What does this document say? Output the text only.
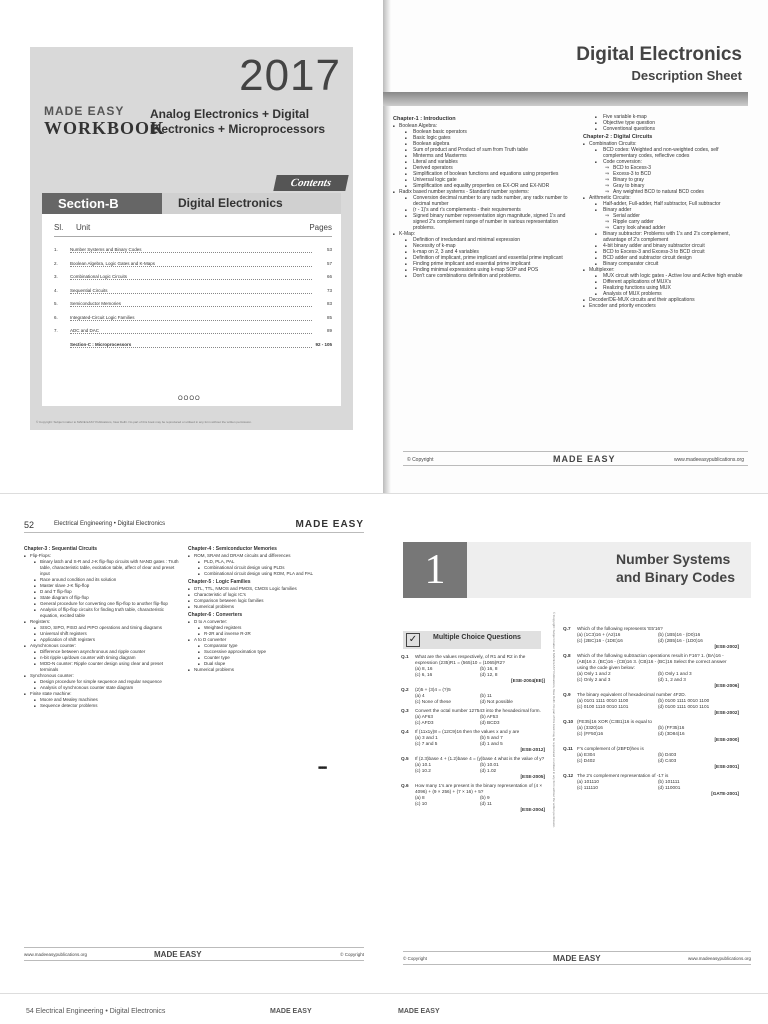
2017
MADE EASY
WORKBOOK
Analog Electronics + Digital Electronics + Microprocessors
Contents
Section-B	Digital Electronics
Sl. Unit	Pages
1.	Number Systems and Binary Codes	53
2.	Boolean Algebra, Logic Gates and K-Maps	57
3.	Combinational Logic Circuits	66
4.	Sequential Circuits	73
5.	Semiconductor Memories	83
6.	Integrated-Circuit Logic Families	85
7.	ADC and DAC	89
Section-C : Microprocessors	92 - 105
OOOO
© Copyright: Subject matter to MADE EASY Publications, New Delhi. No part of this book may be reproduced or utilised in any form without the written permission.
Digital Electronics
Description Sheet
Chapter-1 : Introduction
■ Boolean Algebra:
■ Boolean basic operators
■ Basic logic gates
■ Boolean algebra
■ Sum of product and Product of sum from Truth table
■ Minterms and Maxterms
■ Literal and variables
■ Derived operators
■ Simplification of boolean functions and equations using properties
■ Universal logic gate
■ Simplification and equality properties on EX-OR and EX-NOR
■ Radix based number systems - Standard number systems:
■ Conversion decimal number to any radix number, any radix number to decimal number
■ (r - 1)'s and r's complements - their requirements
■ Signed binary number representation sign magnitude, signed 1's and signed 2's complement range of number in various representation problems.
■ K-Map:
■ Definition of irredundant and minimal expression
■ Necessity of k-map
■ k-map on 2, 3 and 4 variables
■ Definition of implicant, prime implicant and essential prime implicant
■ Finding prime implicant and essential prime implicant
■ Finding minimal expressions using k-map SOP and POS
■ Don't care combinations definition and problems.
■ Five variable k-map
■ Objective type question
■ Conventional questions
Chapter-2 : Digital Circuits
■ Combination Circuits:
■ BCD codes: Weighted and non-weighted codes, self complementary codes, reflective codes
■ Code conversion:
⇒ BCD to Excess-3
⇒ Excess-3 to BCD
⇒ Binary to gray
⇒ Gray to binary
⇒ Any weighted BCD to natural BCD codes
■ Arithmetic Circuits:
■ Half-adder, Full-adder, Half subtractor, Full subtractor
■ Binary adder
⇒ Serial adder
⇒ Ripple carry adder
⇒ Carry look ahead adder
■ Binary subtractor: Problems with 1's and 2's complement, advantage of 2's complement
■ 4-bit binary adder and binary subtractor circuit
■ BCD to Excess-3 and Excess-3 to BCD circuit
■ BCD adder and subtractor circuit design
■ Binary comparator circuit
■ Multiplexer:
■ MUX circuit with logic gates - Active low and Active high enable
■ Different applications of MUX's
■ Realizing functions using MUX
■ Analysis of MUX problems
■ Decoder/DE-MUX circuits and their applications
■ Encoder and priority encoders
© Copyright	MADE EASY	www.madeeasypublications.org
52	Electrical Engineering • Digital Electronics	MADE EASY
Chapter-3 : Sequential Circuits
■ Flip-Flops:
■ Binary latch and S-R and J-K flip-flop circuits with NAND gates : Truth table, characteristic table, excitation table, affect of clear and preset input
■ Race around condition and its solution
■ Master slave J-K flip-flop
■ D and T flip-flop
■ State diagram of flip-flop
■ General procedure for converting one flip-flop to another flip-flop
■ Analysis of flip-flop circuits for finding truth table, characteristic equation, excited table
■ Registers:
■ SISO, SIPO, PISO and PIPO operations and timing diagrams
■ Universal shift registers
■ Application of shift registers
■ Asynchronous counter:
■ Difference between asynchronous and ripple counter
■ n-bit ripple up/down counter with timing diagram
■ MOD-N counter: Ripple counter design using clear and preset terminals
■ Synchronous counter:
■ Design procedure for simple sequence and regular sequence
■ Analysis of synchronous counter state diagram
■ Finite state machine:
■ Moore and Mealey machines
■ Sequence detector problems
Chapter-4 : Semiconductor Memories
■ ROM, SRAM and DRAM circuits and differences
■ PLD, PLA, PAL
■ Combinational circuit design using PLDs
■ Combinational circuit design using ROM, PLA and PAL
Chapter-5 : Logic Families
■ DTL, TTL, NMOS and PMOS, CMOS Logic families
■ Characteristic of logic IC's
■ Comparison between logic families
■ Numerical problems
Chapter-6 : Converters
■ D to A converter:
■ Weighted registers
■ R-2R and inverse R-2R
■ A to D converter
■ Comparator type
■ Successive approximation type
■ Counter type
■ Dual slope
■ Numerical problems
■■■■
www.madeeasypublications.org	MADE EASY	© Copyright
1	Number Systems
and Binary Codes
✓	Multiple Choice Questions	© Copyright: Subject matter to MADE EASY Publications, New Delhi. No part of this book may be reproduced or utilised in any form without the written permission.
Q.1	What are the values respectively, of R1 and R2 in the expression (235)R1 = (565)10 = (1065)R2?
(a) 8, 16	(b) 16, 8
(c) 6, 16	(d) 12, 8
[ESE-2004(EE)]
Q.2	(2)5 + (3)4 = (?)5
(a) 4	(b) 11
(c) None of these	(d) Not possible
Q.3	Convert the octal number 127543 into the hexadecimal form.
(a) AF63	(b) AF53
(c) AFD3	(d) BCD3
Q.4	If (11x1y)8 = (12C9)16 then the values x and y are
(a) 3 and 1	(b) 5 and 7
(c) 7 and 5	(d) 1 and 5
[ESE-2012]
Q.5	If (2.3)base 4 + (1.2)base 4 = (y)base 4 what is the value of y?
(a) 10.1	(b) 10.01
(c) 10.2	(d) 1.02
[ESE-2005]
Q.6	How many 1's are present in the binary representation of (4 × 4096) + (9 × 256) + (7 × 16) + 5?
(a) 8	(b) 9
(c) 10	(d) 11
[ESE-2004]
Q.7	Which of the following represents 'E5'16?
(a) (1C3)16 + (A2)16	(b) (1B5)16 - (D0)16
(c) (2BC)16 - (1DE)16	(d) (2B5)16 - (1D0)16
[ESE-2002]
Q.8	Which of the following subtraction operations result in F16? 1. (BA)16 - (AB)16 2. (BC)16 - (CB)16 3. (CB)16 - (BC)16 Select the correct answer using the code given below:
(a) Only 1 and 2	(b) Only 1 and 3
(c) Only 2 and 3	(d) 1, 2 and 3
[ESE-2006]
Q.9	The binary equivalent of hexadecimal number 4F2D.
(a) 0101 1111 0010 1100	(b) 0100 1111 0010 1100
(c) 0100 1110 0010 1101	(d) 0100 1111 0010 1101
[ESE-2002]
Q.10 (FE35)16 XOR (C3B1)16 is equal to
(a) (3320)16	(b) (FF35)16
(c) (FF50)16	(d) (3D84)16
[ESE-2000]
Q.11 F's complement of (2BFD)hex is
(a) E304	(b) D403
(c) D402	(d) C403
[ESE-2001]
Q.12 The 2's complement representation of -17 is
(a) 101110	(b) 101111
(c) 111110	(d) 110001
[GATE-2001]
© Copyright	MADE EASY	www.madeeasypublications.org
54 Electrical Engineering • Digital Electronics	MADE EASY	MADE EASY
